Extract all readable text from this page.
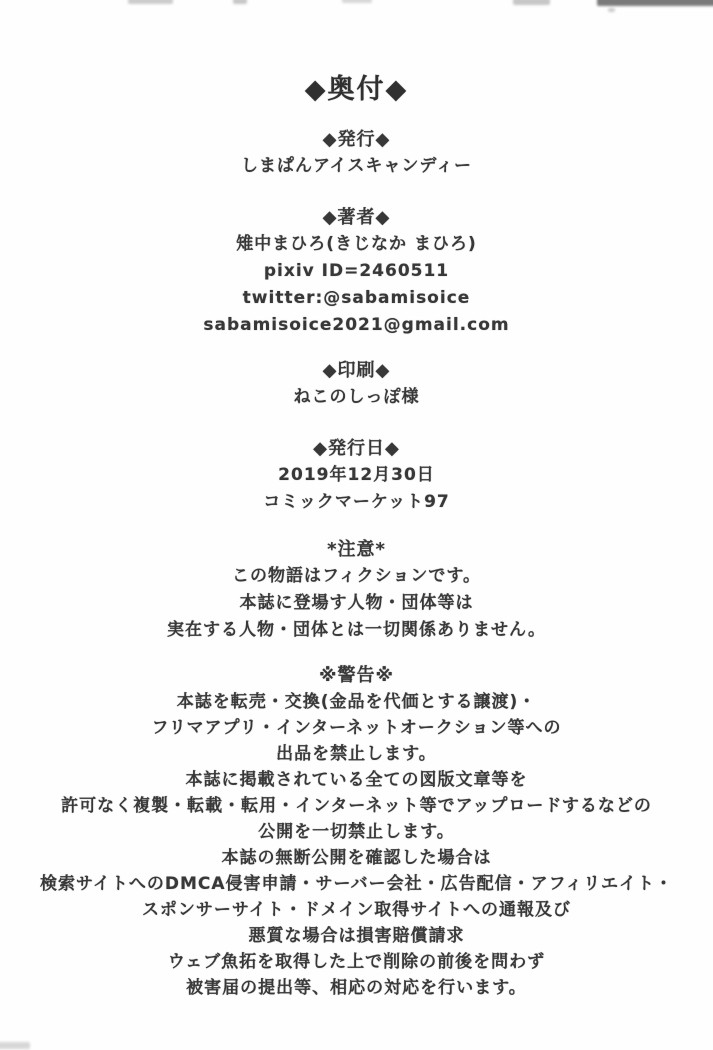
◆奥付◆
◆発行◆

しまぱんアイスキャンディー

◆著者◆

雉中まひろ(きじなか まひろ)

pixiv ID=2460511

twitter:@sabamisoice

sabamisoice2021@gmail.com

◆印刷◆

ねこのしっぽ様

◆発行日◆

2019年12月30日

コミックマーケット97

*注意*

この物語はフィクションです。

本誌に登場す人物・団体等は

実在する人物・団体とは一切関係ありません。

※警告※

本誌を転売・交換(金品を代価とする譲渡)・

フリマアプリ・インターネットオークション等への

出品を禁止します。

本誌に掲載されている全ての図版文章等を

許可なく複製・転載・転用・インターネット等でアップロードするなどの

公開を一切禁止します。

本誌の無断公開を確認した場合は

検索サイトへのDMCA侵害申請・サーバー会社・広告配信・アフィリエイト・

スポンサーサイト・ドメイン取得サイトへの通報及び

悪質な場合は損害賠償請求

ウェブ魚拓を取得した上で削除の前後を問わず

被害届の提出等、相応の対応を行います。
